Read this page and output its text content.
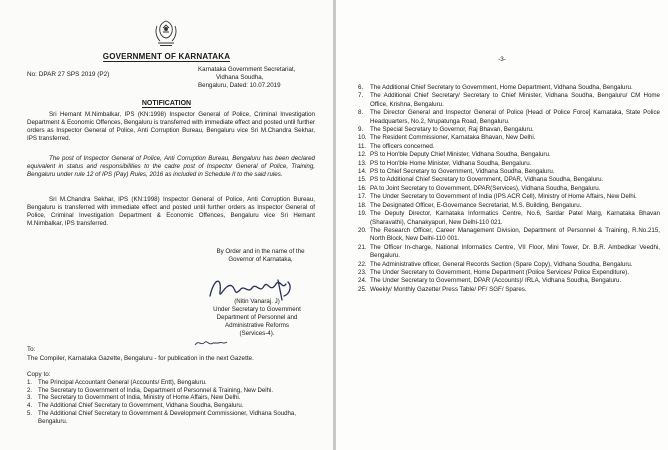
GOVERNMENT OF KARNATAKA
No: DPAR 27 SPS 2019 (P2)
Karnataka Government Secretariat,
Vidhana Soudha,
Bengaluru, Dated: 10.07.2019
NOTIFICATION
Sri Hemant M.Nimbalkar, IPS (KN:1998) Inspector General of Police, Criminal Investigation Department & Economic Offences, Bengaluru is transferred with immediate effect and posted until further orders as Inspector General of Police, Anti Corruption Bureau, Bengaluru vice Sri M.Chandra Sekhar, IPS transferred.
The post of Inspector General of Police, Anti Corruption Bureau, Bengaluru has been declared equivalent in status and responsibilities to the cadre post of Inspector General of Police, Training, Bengaluru under rule 12 of IPS (Pay) Rules, 2016 as included in Schedule II to the said rules.
Sri M.Chandra Sekhar, IPS (KN:1998) Inspector General of Police, Anti Corruption Bureau, Bengaluru is transferred with immediate effect and posted until further orders as Inspector General of Police, Criminal Investigation Department & Economic Offences, Bengaluru vice Sri Hemant M.Nimbalkar, IPS transferred.
By Order and in the name of the
Governor of Karnataka,
(Nitin Vanaraj. J)
Under Secretary to Government
Department of Personnel and
Administrative Reforms
(Services-4).
To:
The Compiler, Karnataka Gazette, Bengaluru - for publication in the next Gazette.
Copy to:
1. The Principal Accountant General (Accounts/ Entt), Bengaluru.
2. The Secretary to Government of India, Department of Personnel & Training, New Delhi.
3. The Secretary to Government of India, Ministry of Home Affairs, New Delhi.
4. The Additional Chief Secretary to Government, Vidhana Soudha, Bengaluru.
5. The Additional Chief Secretary to Government & Development Commissioner, Vidhana Soudha, Bengaluru.
-3-
6. The Additional Chief Secretary to Government, Home Department, Vidhana Soudha, Bengaluru.
7. The Additional Chief Secretary/ Secretary to Chief Minister, Vidhana Soudha, Bengaluru/ CM Home Office, Krishna, Bengaluru.
8. The Director General and Inspector General of Police [Head of Police Force] Karnataka, State Police Headquarters, No.2, Nrupatunga Road, Bengaluru.
9. The Special Secretary to Governor, Raj Bhavan, Bengaluru.
10. The Resident Commissioner, Karnataka Bhavan, New Delhi.
11. The officers concerned.
12. PS to Hon'ble Deputy Chief Minister, Vidhana Soudha, Bengaluru.
13. PS to Hon'ble Home Minister, Vidhana Soudha, Bengaluru.
14. PS to Chief Secretary to Government, Vidhana Soudha, Bengaluru.
15. PS to Additional Chief Secretary to Government, DPAR, Vidhana Soudha, Bengaluru.
16. PA to Joint Secretary to Government, DPAR(Services), Vidhana Soudha, Bengaluru.
17. The Under Secretary to Government of India (IPS ACR Cell), Ministry of Home Affairs, New Delhi.
18. The Designated Officer, E-Governance Secretariat, M.S. Building, Bengaluru.
19. The Deputy Director, Karnataka Informatics Centre, No.6, Sardar Patel Marg, Karnataka Bhavan (Sharavathi), Chanakyapuri, New Delhi-110 021.
20. The Research Officer, Career Management Division, Department of Personnel & Training, R.No.215, North Block, New Delhi-110 001.
21. The Officer In-charge, National Informatics Centre, VII Floor, Mini Tower, Dr. B.R. Ambedkar Veedhi, Bengaluru.
22. The Administrative officer, General Records Section (Spare Copy), Vidhana Soudha, Bengaluru.
23. The Under Secretary to Government, Home Department (Police Services/ Police Expenditure).
24. The Under Secretary to Government, DPAR (Accounts)/ IRLA, Vidhana Soudha, Bengaluru.
25. Weekly/ Monthly Gazette/ Press Table/ PF/ SGF/ Spares.
